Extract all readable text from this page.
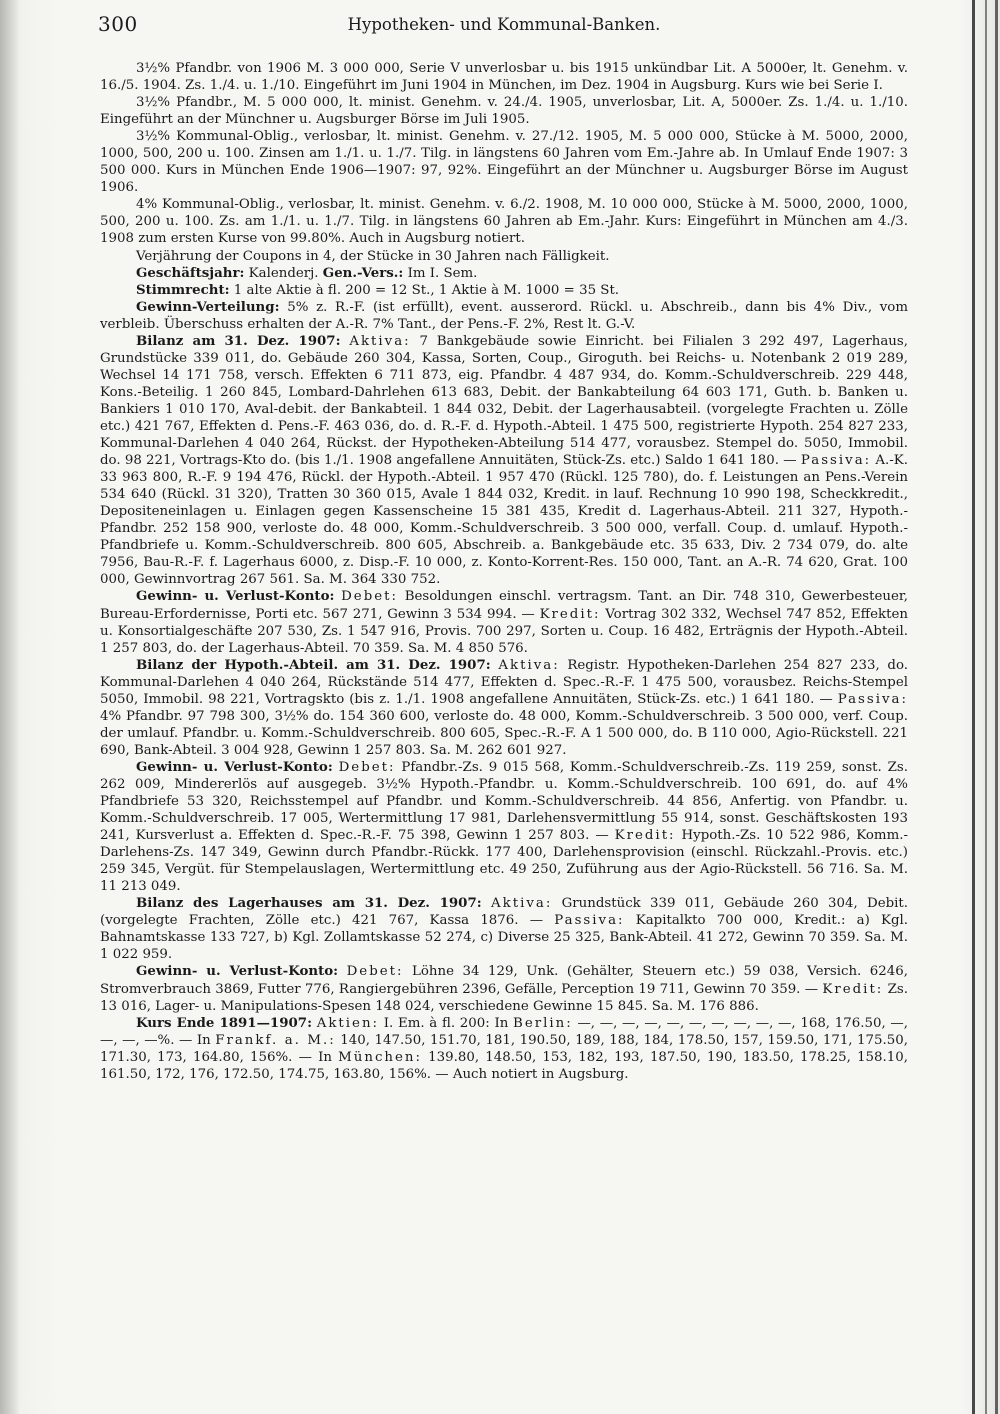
300	Hypotheken- und Kommunal-Banken.

3½% Pfandbr. von 1906 M. 3 000 000, Serie V unverlosbar u. bis 1915 unkündbar Lit. A 5000er, lt. Genehm. v. 16./5. 1904. Zs. 1./4. u. 1./10. Eingeführt im Juni 1904 in München, im Dez. 1904 in Augsburg. Kurs wie bei Serie I.

3½% Pfandbr., M. 5 000 000, lt. minist. Genehm. v. 24./4. 1905, unverlosbar, Lit. A, 5000er. Zs. 1./4. u. 1./10. Eingeführt an der Münchner u. Augsburger Börse im Juli 1905.

3½% Kommunal-Oblig., verlosbar, lt. minist. Genehm. v. 27./12. 1905, M. 5 000 000, Stücke à M. 5000, 2000, 1000, 500, 200 u. 100. Zinsen am 1./1. u. 1./7. Tilg. in längstens 60 Jahren vom Em.-Jahre ab. In Umlauf Ende 1907: 3 500 000. Kurs in München Ende 1906—1907: 97, 92%. Eingeführt an der Münchner u. Augsburger Börse im August 1906.

4% Kommunal-Oblig., verlosbar, lt. minist. Genehm. v. 6./2. 1908, M. 10 000 000, Stücke à M. 5000, 2000, 1000, 500, 200 u. 100. Zs. am 1./1. u. 1./7. Tilg. in längstens 60 Jahren ab Em.-Jahr. Kurs: Eingeführt in München am 4./3. 1908 zum ersten Kurse von 99.80%. Auch in Augsburg notiert.

Verjährung der Coupons in 4, der Stücke in 30 Jahren nach Fälligkeit.

Geschäftsjahr: Kalenderj. Gen.-Vers.: Im I. Sem.

Stimmrecht: 1 alte Aktie à fl. 200 = 12 St., 1 Aktie à M. 1000 = 35 St.

Gewinn-Verteilung: 5% z. R.-F. (ist erfüllt), event. ausserord. Rückl. u. Abschreib., dann bis 4% Div., vom verbleib. Überschuss erhalten der A.-R. 7% Tant., der Pens.-F. 2%, Rest lt. G.-V.

Bilanz am 31. Dez. 1907: Aktiva: 7 Bankgebäude sowie Einricht. bei Filialen 3 292 497, Lagerhaus, Grundstücke 339 011, do. Gebäude 260 304, Kassa, Sorten, Coup., Giroguth. bei Reichs- u. Notenbank 2 019 289, Wechsel 14 171 758, versch. Effekten 6 711 873, eig. Pfandbr. 4 487 934, do. Komm.-Schuldverschreib. 229 448, Kons.-Beteilig. 1 260 845, Lombard-Dahrlehen 613 683, Debit. der Bankabteilung 64 603 171, Guth. b. Banken u. Bankiers 1 010 170, Aval-debit. der Bankabteil. 1 844 032, Debit. der Lagerhausabteil. (vorgelegte Frachten u. Zölle etc.) 421 767, Effekten d. Pens.-F. 463 036, do. d. R.-F. d. Hypoth.-Abteil. 1 475 500, registrierte Hypoth. 254 827 233, Kommunal-Darlehen 4 040 264, Rückst. der Hypotheken-Abteilung 514 477, vorausbez. Stempel do. 5050, Immobil. do. 98 221, Vortrags-Kto do. (bis 1./1. 1908 angefallene Annuitäten, Stück-Zs. etc.) Saldo 1 641 180. — Passiva: A.-K. 33 963 800, R.-F. 9 194 476, Rückl. der Hypoth.-Abteil. 1 957 470 (Rückl. 125 780), do. f. Leistungen an Pens.-Verein 534 640 (Rückl. 31 320), Tratten 30 360 015, Avale 1 844 032, Kredit. in lauf. Rechnung 10 990 198, Scheckkredit., Depositeneinlagen u. Einlagen gegen Kassenscheine 15 381 435, Kredit d. Lagerhaus-Abteil. 211 327, Hypoth.-Pfandbr. 252 158 900, verloste do. 48 000, Komm.-Schuldverschreib. 3 500 000, verfall. Coup. d. umlauf. Hypoth.-Pfandbriefe u. Komm.-Schuldverschreib. 800 605, Abschreib. a. Bankgebäude etc. 35 633, Div. 2 734 079, do. alte 7956, Bau-R.-F. f. Lagerhaus 6000, z. Disp.-F. 10 000, z. Konto-Korrent-Res. 150 000, Tant. an A.-R. 74 620, Grat. 100 000, Gewinnvortrag 267 561. Sa. M. 364 330 752.

Gewinn- u. Verlust-Konto: Debet: Besoldungen einschl. vertragsm. Tant. an Dir. 748 310, Gewerbesteuer, Bureau-Erfordernisse, Porti etc. 567 271, Gewinn 3 534 994. — Kredit: Vortrag 302 332, Wechsel 747 852, Effekten u. Konsortialgeschäfte 207 530, Zs. 1 547 916, Provis. 700 297, Sorten u. Coup. 16 482, Erträgnis der Hypoth.-Abteil. 1 257 803, do. der Lagerhaus-Abteil. 70 359. Sa. M. 4 850 576.

Bilanz der Hypoth.-Abteil. am 31. Dez. 1907: Aktiva: Registr. Hypotheken-Darlehen 254 827 233, do. Kommunal-Darlehen 4 040 264, Rückstände 514 477, Effekten d. Spec.-R.-F. 1 475 500, vorausbez. Reichs-Stempel 5050, Immobil. 98 221, Vortragskto (bis z. 1./1. 1908 angefallene Annuitäten, Stück-Zs. etc.) 1 641 180. — Passiva: 4% Pfandbr. 97 798 300, 3½% do. 154 360 600, verloste do. 48 000, Komm.-Schuldverschreib. 3 500 000, verf. Coup. der umlauf. Pfandbr. u. Komm.-Schuldverschreib. 800 605, Spec.-R.-F. A 1 500 000, do. B 110 000, Agio-Rückstell. 221 690, Bank-Abteil. 3 004 928, Gewinn 1 257 803. Sa. M. 262 601 927.

Gewinn- u. Verlust-Konto: Debet: Pfandbr.-Zs. 9 015 568, Komm.-Schuldverschreib.-Zs. 119 259, sonst. Zs. 262 009, Mindererlös auf ausgegeb. 3½% Hypoth.-Pfandbr. u. Komm.-Schuldverschreib. 100 691, do. auf 4% Pfandbriefe 53 320, Reichsstempel auf Pfandbr. und Komm.-Schuldverschreib. 44 856, Anfertig. von Pfandbr. u. Komm.-Schuldverschreib. 17 005, Wertermittlung 17 981, Darlehensvermittlung 55 914, sonst. Geschäftskosten 193 241, Kursverlust a. Effekten d. Spec.-R.-F. 75 398, Gewinn 1 257 803. — Kredit: Hypoth.-Zs. 10 522 986, Komm.-Darlehens-Zs. 147 349, Gewinn durch Pfandbr.-Rückk. 177 400, Darlehensprovision (einschl. Rückzahl.-Provis. etc.) 259 345, Vergüt. für Stempelauslagen, Wertermittlung etc. 49 250, Zuführung aus der Agio-Rückstell. 56 716. Sa. M. 11 213 049.

Bilanz des Lagerhauses am 31. Dez. 1907: Aktiva: Grundstück 339 011, Gebäude 260 304, Debit. (vorgelegte Frachten, Zölle etc.) 421 767, Kassa 1876. — Passiva: Kapitalkto 700 000, Kredit.: a) Kgl. Bahnamtskasse 133 727, b) Kgl. Zollamtskasse 52 274, c) Diverse 25 325, Bank-Abteil. 41 272, Gewinn 70 359. Sa. M. 1 022 959.

Gewinn- u. Verlust-Konto: Debet: Löhne 34 129, Unk. (Gehälter, Steuern etc.) 59 038, Versich. 6246, Stromverbrauch 3869, Futter 776, Rangiergebühren 2396, Gefälle, Perception 19 711, Gewinn 70 359. — Kredit: Zs. 13 016, Lager- u. Manipulations-Spesen 148 024, verschiedene Gewinne 15 845. Sa. M. 176 886.

Kurs Ende 1891—1907: Aktien: I. Em. à fl. 200: In Berlin: —, —, —, —, —, —, —, —, —, —, 168, 176.50, —, —, —, —%. — In Frankf. a. M.: 140, 147.50, 151.70, 181, 190.50, 189, 188, 184, 178.50, 157, 159.50, 171, 175.50, 171.30, 173, 164.80, 156%. — In München: 139.80, 148.50, 153, 182, 193, 187.50, 190, 183.50, 178.25, 158.10, 161.50, 172, 176, 172.50, 174.75, 163.80, 156%. — Auch notiert in Augsburg.
